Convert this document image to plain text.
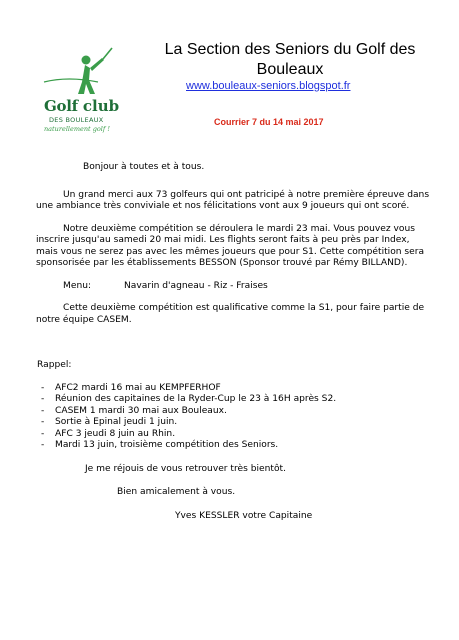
Golf club
DES BOULEAUX
naturellement golf !
La Section des Seniors du Golf des Bouleaux
www.bouleaux-seniors.blogspot.fr
Courrier 7 du 14 mai 2017

Bonjour à toutes et à tous.

Un grand merci aux 73 golfeurs qui ont patricipé à notre première épreuve dans une ambiance très conviviale et nos félicitations vont aux 9 joueurs qui ont scoré.

Notre deuxième compétition se déroulera le mardi 23 mai. Vous pouvez vous inscrire jusqu'au samedi 20 mai midi. Les flights seront faits à peu près par Index, mais vous ne serez pas avec les mêmes joueurs que pour S1. Cette compétition sera sponsorisée par les établissements BESSON (Sponsor trouvé par Rémy BILLAND).

Menu:	Navarin d'agneau - Riz - Fraises

Cette deuxième compétition est qualificative comme la S1, pour faire partie de notre équipe CASEM.

Rappel:

- AFC2 mardi 16 mai au KEMPFERHOF
- Réunion des capitaines de la Ryder-Cup le 23 à 16H après S2.
- CASEM 1 mardi 30 mai aux Bouleaux.
- Sortie à Epinal jeudi 1 juin.
- AFC 3 jeudi 8 juin au Rhin.
- Mardi 13 juin, troisième compétition des Seniors.

Je me réjouis de vous retrouver très bientôt.

Bien amicalement à vous.

Yves KESSLER votre Capitaine
